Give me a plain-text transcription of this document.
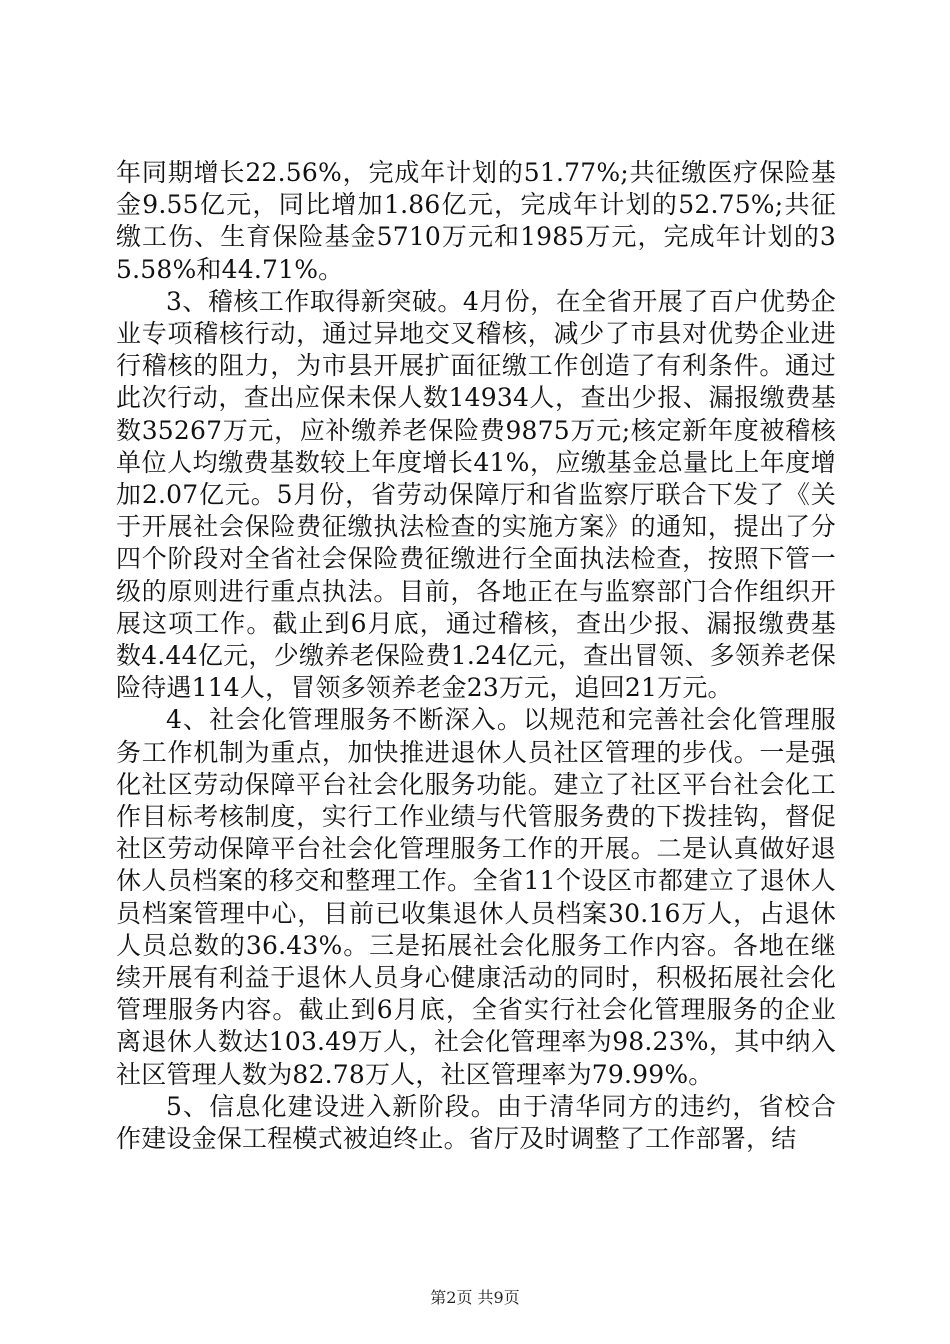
年同期增长22.56%，完成年计划的51.77%;共征缴医疗保险基金9.55亿元，同比增加1.86亿元，完成年计划的52.75%;共征缴工伤、生育保险基金5710万元和1985万元，完成年计划的35.58%和44.71%。

3、稽核工作取得新突破。4月份，在全省开展了百户优势企业专项稽核行动，通过异地交叉稽核，减少了市县对优势企业进行稽核的阻力，为市县开展扩面征缴工作创造了有利条件。通过此次行动，查出应保未保人数14934人，查出少报、漏报缴费基数35267万元，应补缴养老保险费9875万元;核定新年度被稽核单位人均缴费基数较上年度增长41%，应缴基金总量比上年度增加2.07亿元。5月份，省劳动保障厅和省监察厅联合下发了《关于开展社会保险费征缴执法检查的实施方案》的通知，提出了分四个阶段对全省社会保险费征缴进行全面执法检查，按照下管一级的原则进行重点执法。目前，各地正在与监察部门合作组织开展这项工作。截止到6月底，通过稽核，查出少报、漏报缴费基数4.44亿元，少缴养老保险费1.24亿元，查出冒领、多领养老保险待遇114人，冒领多领养老金23万元，追回21万元。

4、社会化管理服务不断深入。以规范和完善社会化管理服务工作机制为重点，加快推进退休人员社区管理的步伐。一是强化社区劳动保障平台社会化服务功能。建立了社区平台社会化工作目标考核制度，实行工作业绩与代管服务费的下拨挂钩，督促社区劳动保障平台社会化管理服务工作的开展。二是认真做好退休人员档案的移交和整理工作。全省11个设区市都建立了退休人员档案管理中心，目前已收集退休人员档案30.16万人，占退休人员总数的36.43%。三是拓展社会化服务工作内容。各地在继续开展有利益于退休人员身心健康活动的同时，积极拓展社会化管理服务内容。截止到6月底，全省实行社会化管理服务的企业离退休人数达103.49万人，社会化管理率为98.23%，其中纳入社区管理人数为82.78万人，社区管理率为79.99%。

5、信息化建设进入新阶段。由于清华同方的违约，省校合作建设金保工程模式被迫终止。省厅及时调整了工作部署，结

第2页 共9页
